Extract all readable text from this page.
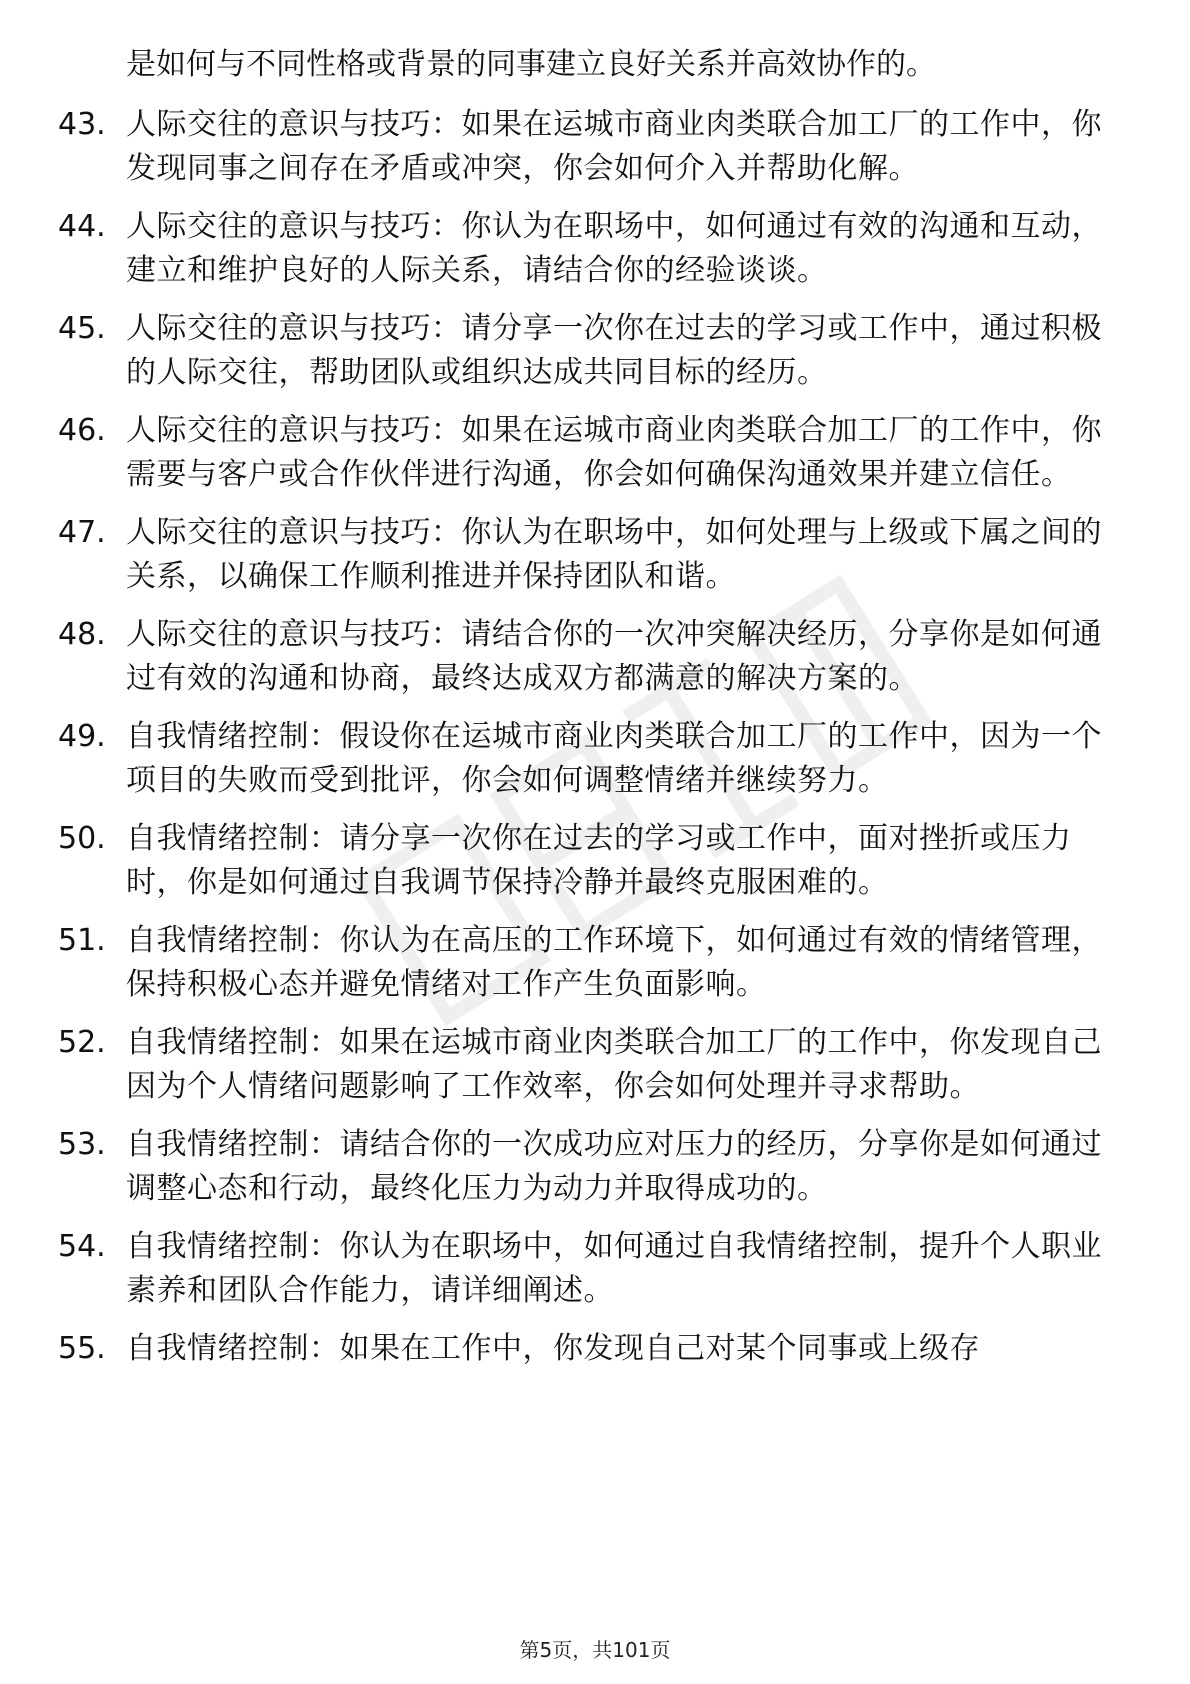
是如何与不同性格或背景的同事建立良好关系并高效协作的。
43. 人际交往的意识与技巧：如果在运城市商业肉类联合加工厂的工作中，你发现同事之间存在矛盾或冲突，你会如何介入并帮助化解。
44. 人际交往的意识与技巧：你认为在职场中，如何通过有效的沟通和互动，建立和维护良好的人际关系，请结合你的经验谈谈。
45. 人际交往的意识与技巧：请分享一次你在过去的学习或工作中，通过积极的人际交往，帮助团队或组织达成共同目标的经历。
46. 人际交往的意识与技巧：如果在运城市商业肉类联合加工厂的工作中，你需要与客户或合作伙伴进行沟通，你会如何确保沟通效果并建立信任。
47. 人际交往的意识与技巧：你认为在职场中，如何处理与上级或下属之间的关系，以确保工作顺利推进并保持团队和谐。
48. 人际交往的意识与技巧：请结合你的一次冲突解决经历，分享你是如何通过有效的沟通和协商，最终达成双方都满意的解决方案的。
49. 自我情绪控制：假设你在运城市商业肉类联合加工厂的工作中，因为一个项目的失败而受到批评，你会如何调整情绪并继续努力。
50. 自我情绪控制：请分享一次你在过去的学习或工作中，面对挫折或压力时，你是如何通过自我调节保持冷静并最终克服困难的。
51. 自我情绪控制：你认为在高压的工作环境下，如何通过有效的情绪管理，保持积极心态并避免情绪对工作产生负面影响。
52. 自我情绪控制：如果在运城市商业肉类联合加工厂的工作中，你发现自己因为个人情绪问题影响了工作效率，你会如何处理并寻求帮助。
53. 自我情绪控制：请结合你的一次成功应对压力的经历，分享你是如何通过调整心态和行动，最终化压力为动力并取得成功的。
54. 自我情绪控制：你认为在职场中，如何通过自我情绪控制，提升个人职业素养和团队合作能力，请详细阐述。
55. 自我情绪控制：如果在工作中，你发现自己对某个同事或上级存
第5页，共101页
